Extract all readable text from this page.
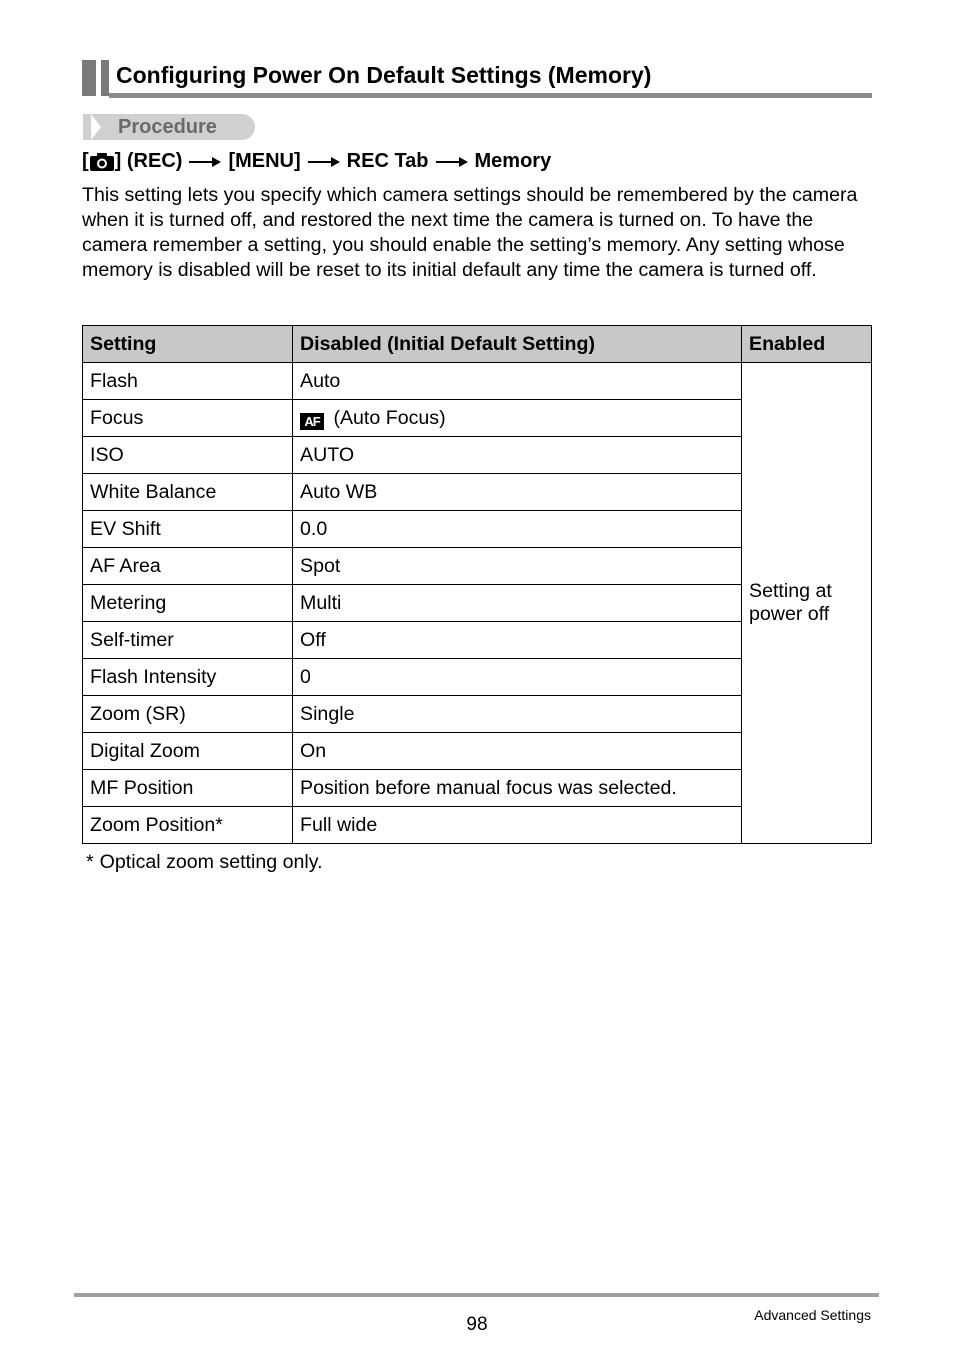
Configuring Power On Default Settings (Memory)
Procedure
[ ] (REC) [MENU] REC Tab Memory
This setting lets you specify which camera settings should be remembered by the camera when it is turned off, and restored the next time the camera is turned on. To have the camera remember a setting, you should enable the setting’s memory. Any setting whose memory is disabled will be reset to its initial default any time the camera is turned off.
Setting	Disabled (Initial Default Setting)	Enabled
Flash	Auto	Setting at power off
Focus	AF (Auto Focus)	
ISO	AUTO	
White Balance	Auto WB	
EV Shift	0.0	
AF Area	Spot	
Metering	Multi	
Self-timer	Off	
Flash Intensity	0	
Zoom (SR)	Single	
Digital Zoom	On	
MF Position	Position before manual focus was selected.	
Zoom Position*	Full wide	
* Optical zoom setting only.
98	Advanced Settings
